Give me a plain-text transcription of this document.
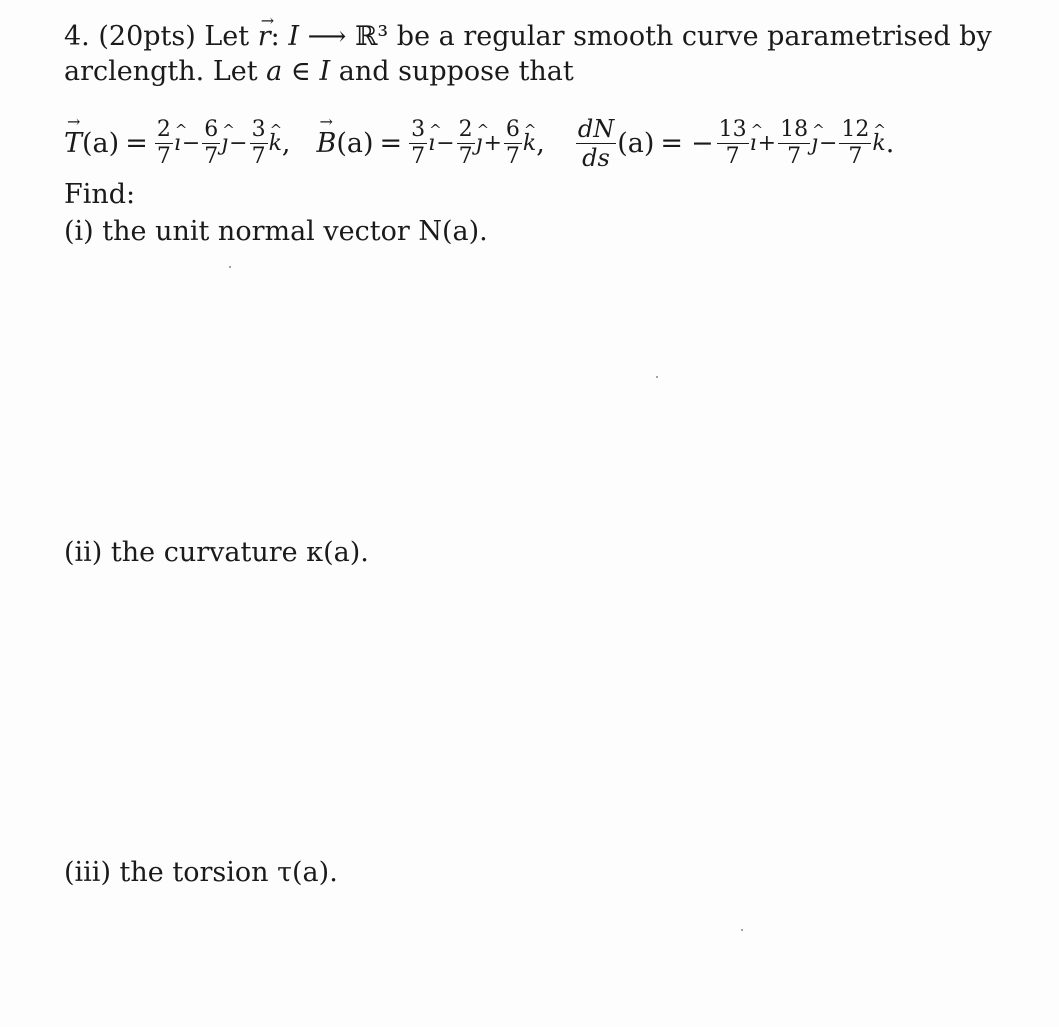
4. (20pts) Let → r: I ⟶ ℝ³ be a regular smooth curve parametrised by
arclength. Let a ∈ I and suppose that
→ T $(a) = \frac{2}{7}$ ^ ı − $\frac{6}{7}$ ^ ȷ − $\frac{3}{7}$ ^ k , → B $(a) = \frac{3}{7}$ ^ ı − $\frac{2}{7}$ ^ ȷ + $\frac{6}{7}$ ^ k , $\frac{dN}{ds} (a)$ = − $\frac{13}{7}$ ^ ı + $\frac{18}{7}$ ^ ȷ − $\frac{12}{7}$ ^ k .
Find:
(i) the unit normal vector N(a).
(ii) the curvature κ(a).
(iii) the torsion τ(a).
